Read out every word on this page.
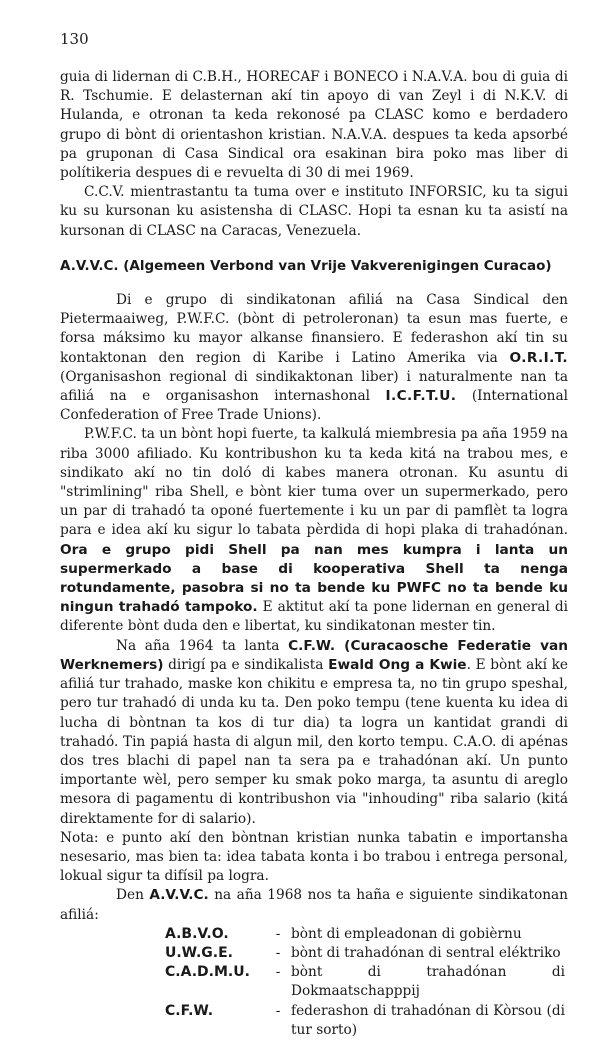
130

guia di lidernan di C.B.H., HORECAF i BONECO i N.A.V.A. bou di guia di R. Tschumie. E delasternan akí tin apoyo di van Zeyl i di N.K.V. di Hulanda, e otronan ta keda rekonosé pa CLASC komo e berdadero grupo di bònt di orientashon kristian. N.A.V.A. despues ta keda apsorbé pa gruponan di Casa Sindical ora esakinan bira poko mas liber di polítikeria despues di e revuelta di 30 di mei 1969.

C.C.V. mientrastantu ta tuma over e instituto INFORSIC, ku ta sigui ku su kursonan ku asistensha di CLASC. Hopi ta esnan ku ta asistí na kursonan di CLASC na Caracas, Venezuela.

A.V.V.C. (Algemeen Verbond van Vrije Vakverenigingen Curacao)

Di e grupo di sindikatonan afiliá na Casa Sindical den Pietermaaiweg, P.W.F.C. (bònt di petroleronan) ta esun mas fuerte, e forsa máksimo ku mayor alkanse finansiero. E federashon akí tin su kontaktonan den region di Karibe i Latino Amerika via O.R.I.T. (Organisashon regional di sindikaktonan liber) i naturalmente nan ta afiliá na e organisashon internashonal I.C.F.T.U. (International Confederation of Free Trade Unions).

P.W.F.C. ta un bònt hopi fuerte, ta kalkulá miembresia pa aña 1959 na riba 3000 afiliado. Ku kontribushon ku ta keda kitá na trabou mes, e sindikato akí no tin doló di kabes manera otronan. Ku asuntu di "strimlining" riba Shell, e bònt kier tuma over un supermerkado, pero un par di trahadó ta oponé fuertemente i ku un par di pamflèt ta logra para e idea akí ku sigur lo tabata pèrdida di hopi plaka di trahadónan. Ora e grupo pidi Shell pa nan mes kumpra i lanta un supermerkado a base di kooperativa Shell ta nenga rotundamente, pasobra si no ta bende ku PWFC no ta bende ku ningun trahadó tampoko. E aktitut akí ta pone lidernan en general di diferente bònt duda den e libertat, ku sindikatonan mester tin.

Na aña 1964 ta lanta C.F.W. (Curacaosche Federatie van Werknemers) dirigí pa e sindikalista Ewald Ong a Kwie. E bònt akí ke afiliá tur trahado, maske kon chikitu e empresa ta, no tin grupo speshal, pero tur trahadó di unda ku ta. Den poko tempu (tene kuenta ku idea di lucha di bòntnan ta kos di tur dia) ta logra un kantidat grandi di trahadó. Tin papiá hasta di algun mil, den korto tempu. C.A.O. di apénas dos tres blachi di papel nan ta sera pa e trahadónan akí. Un punto importante wèl, pero semper ku smak poko marga, ta asuntu di areglo mesora di pagamentu di kontribushon via "inhouding" riba salario (kitá direktamente for di salario).

Nota: e punto akí den bòntnan kristian nunka tabatin e importansha nesesario, mas bien ta: idea tabata konta i bo trabou i entrega personal, lokual sigur ta difísil pa logra.

Den A.V.V.C. na aña 1968 nos ta haña e siguiente sindikatonan afiliá:

A.B.V.O.	-	bònt di empleadonan di gobièrnu
U.W.G.E.	-	bònt di trahadónan di sentral eléktriko
C.A.D.M.U.	-	bònt di trahadónan di Dokmaatschapppij
C.F.W.	-	federashon di trahadónan di Kòrsou (di tur sorto)
